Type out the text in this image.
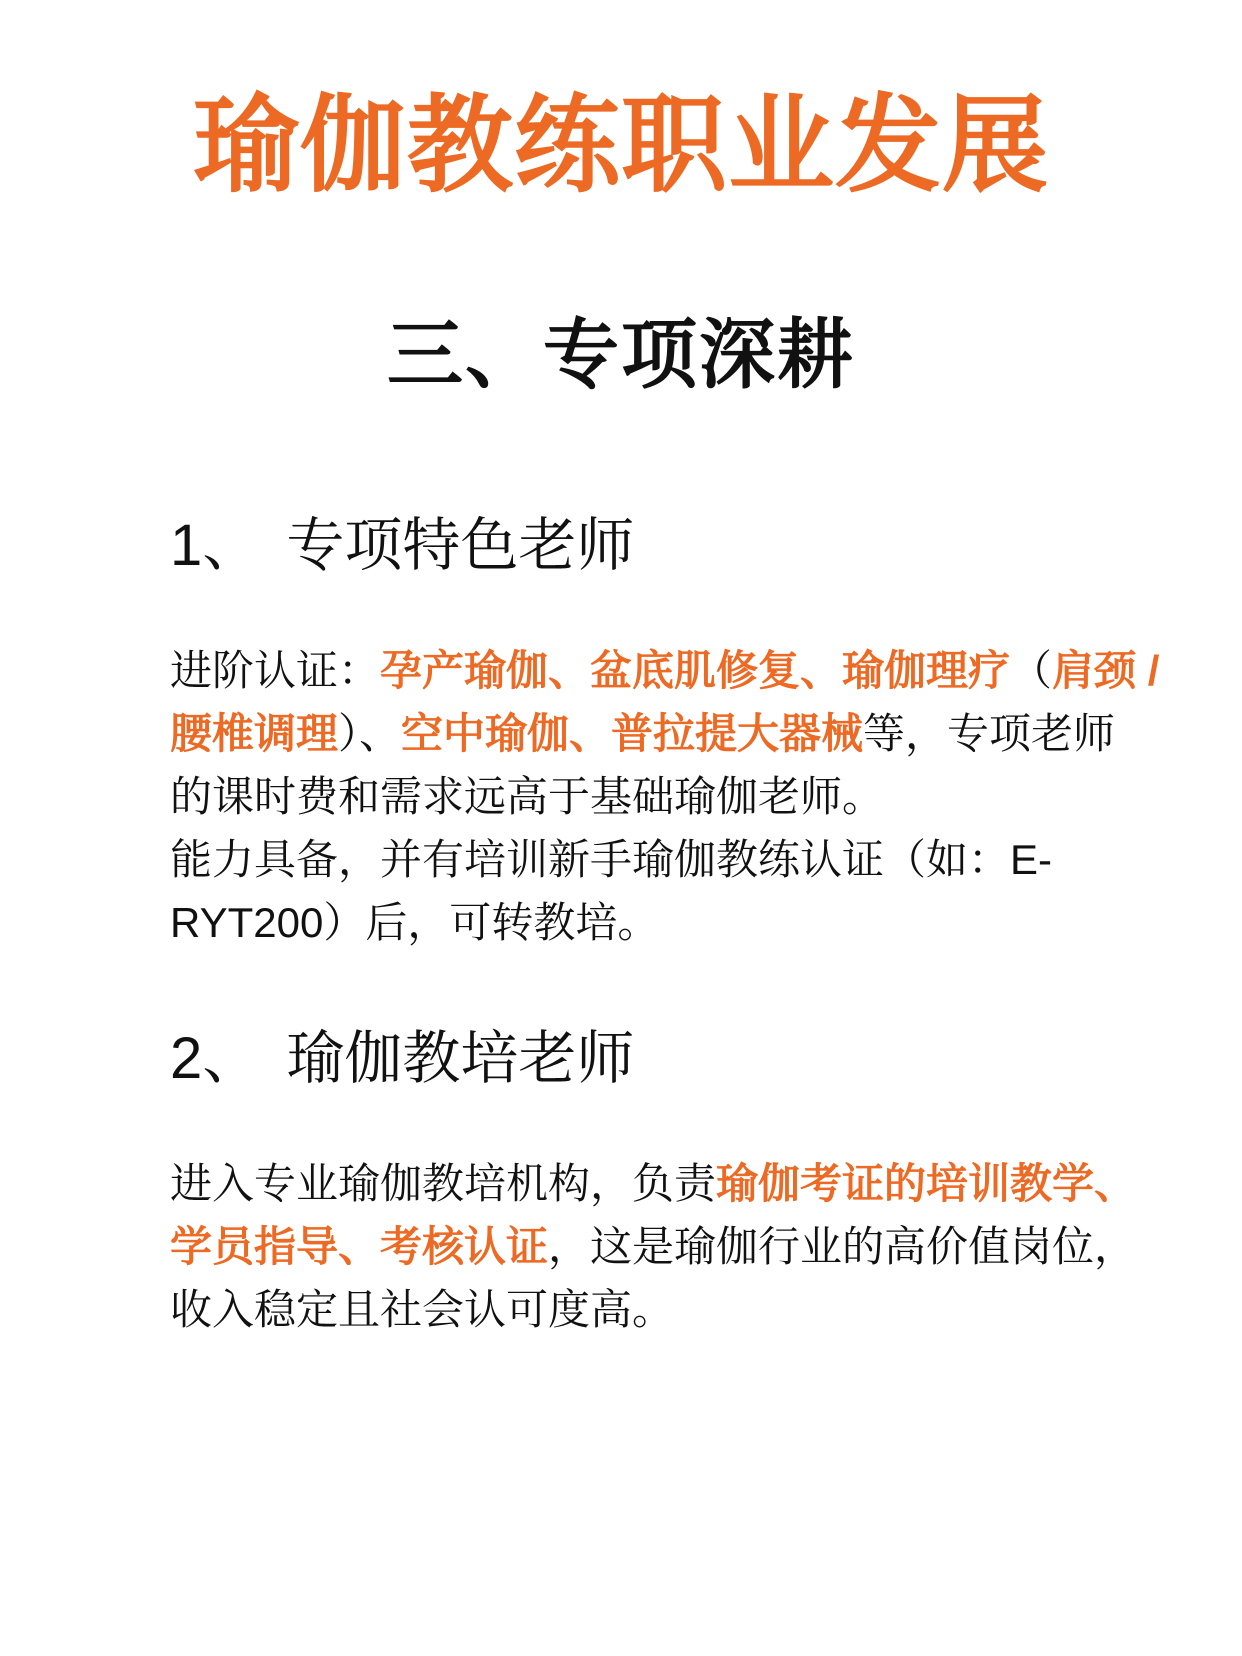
瑜伽教练职业发展
三、专项深耕
1、 专项特色老师

进阶认证：孕产瑜伽、盆底肌修复、瑜伽理疗（肩颈 /
腰椎调理）、空中瑜伽、普拉提大器械等，专项老师
的课时费和需求远高于基础瑜伽老师。
能力具备，并有培训新手瑜伽教练认证（如：E-
RYT200）后，可转教培。

2、 瑜伽教培老师

进入专业瑜伽教培机构，负责瑜伽考证的培训教学、
学员指导、考核认证，这是瑜伽行业的高价值岗位，
收入稳定且社会认可度高。
